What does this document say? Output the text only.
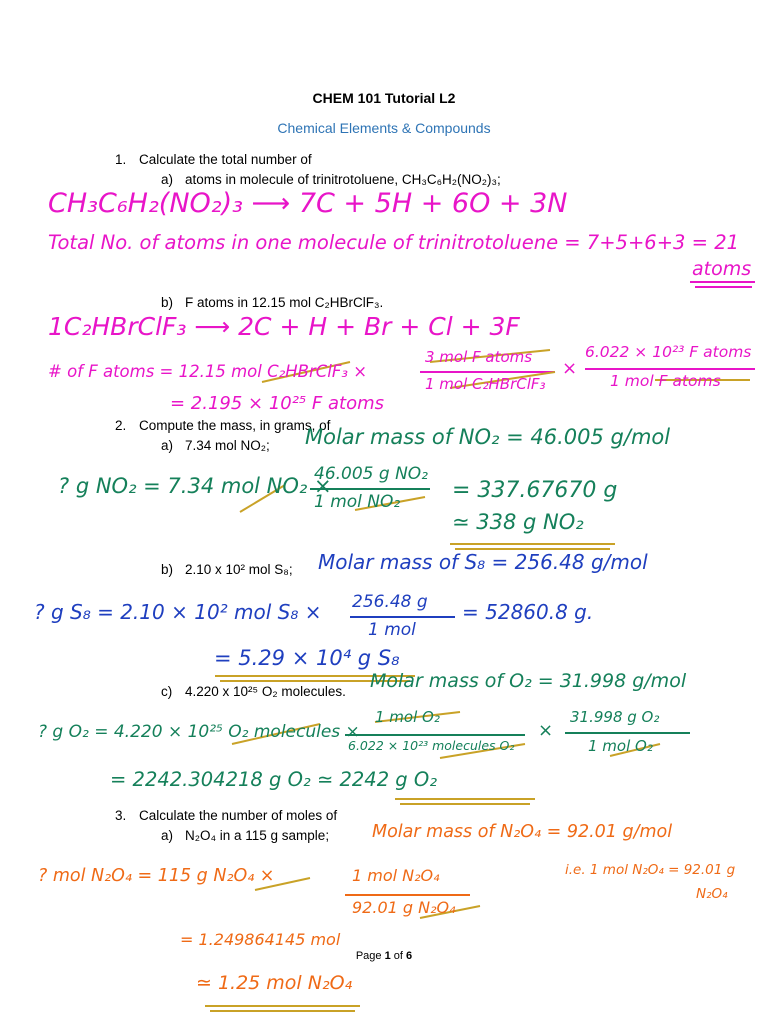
CHEM 101 Tutorial L2
Chemical Elements & Compounds
1. Calculate the total number of
a) atoms in molecule of trinitrotoluene, CH₃C₆H₂(NO₂)₃;
CH₃C₆H₂(NO₂)₃ ⟶ 7C + 5H + 6O + 3N
Total No. of atoms in one molecule of trinitrotoluene = 7+5+6+3 = 21
atoms
b) F atoms in 12.15 mol C₂HBrClF₃.
1C₂HBrClF₃ ⟶ 2C + H + Br + Cl + 3F
# of F atoms = 12.15 mol C₂HBrClF₃ ×
3 mol F atoms
1 mol C₂HBrClF₃
×
6.022 × 10²³ F atoms
1 mol F atoms
= 2.195 × 10²⁵ F atoms
2. Compute the mass, in grams, of
a) 7.34 mol NO₂; Molar mass of NO₂ = 46.005 g/mol
? g NO₂ = 7.34 mol NO₂ ×
46.005 g NO₂
1 mol NO₂ = 337.67670 g
≃ 338 g NO₂
b) 2.10 x 10² mol S₈; Molar mass of S₈ = 256.48 g/mol
? g S₈ = 2.10 × 10² mol S₈ × 256.48 g
1 mol
= 52860.8 g.
= 5.29 × 10⁴ g S₈
c) 4.220 x 10²⁵ O₂ molecules. Molar mass of O₂ = 31.998 g/mol
? g O₂ = 4.220 × 10²⁵ O₂ molecules ×
1 mol O₂
6.022 × 10²³ molecules O₂
×
31.998 g O₂
1 mol O₂
= 2242.304218 g O₂ ≃ 2242 g O₂
3. Calculate the number of moles of
a) N₂O₄ in a 115 g sample; Molar mass of N₂O₄ = 92.01 g/mol
i.e. 1 mol N₂O₄ = 92.01 g
N₂O₄
? mol N₂O₄ = 115 g N₂O₄ ×	1 mol N₂O₄
92.01 g N₂O₄
= 1.249864145 mol
≃ 1.25 mol N₂O₄
Page 1 of 6
